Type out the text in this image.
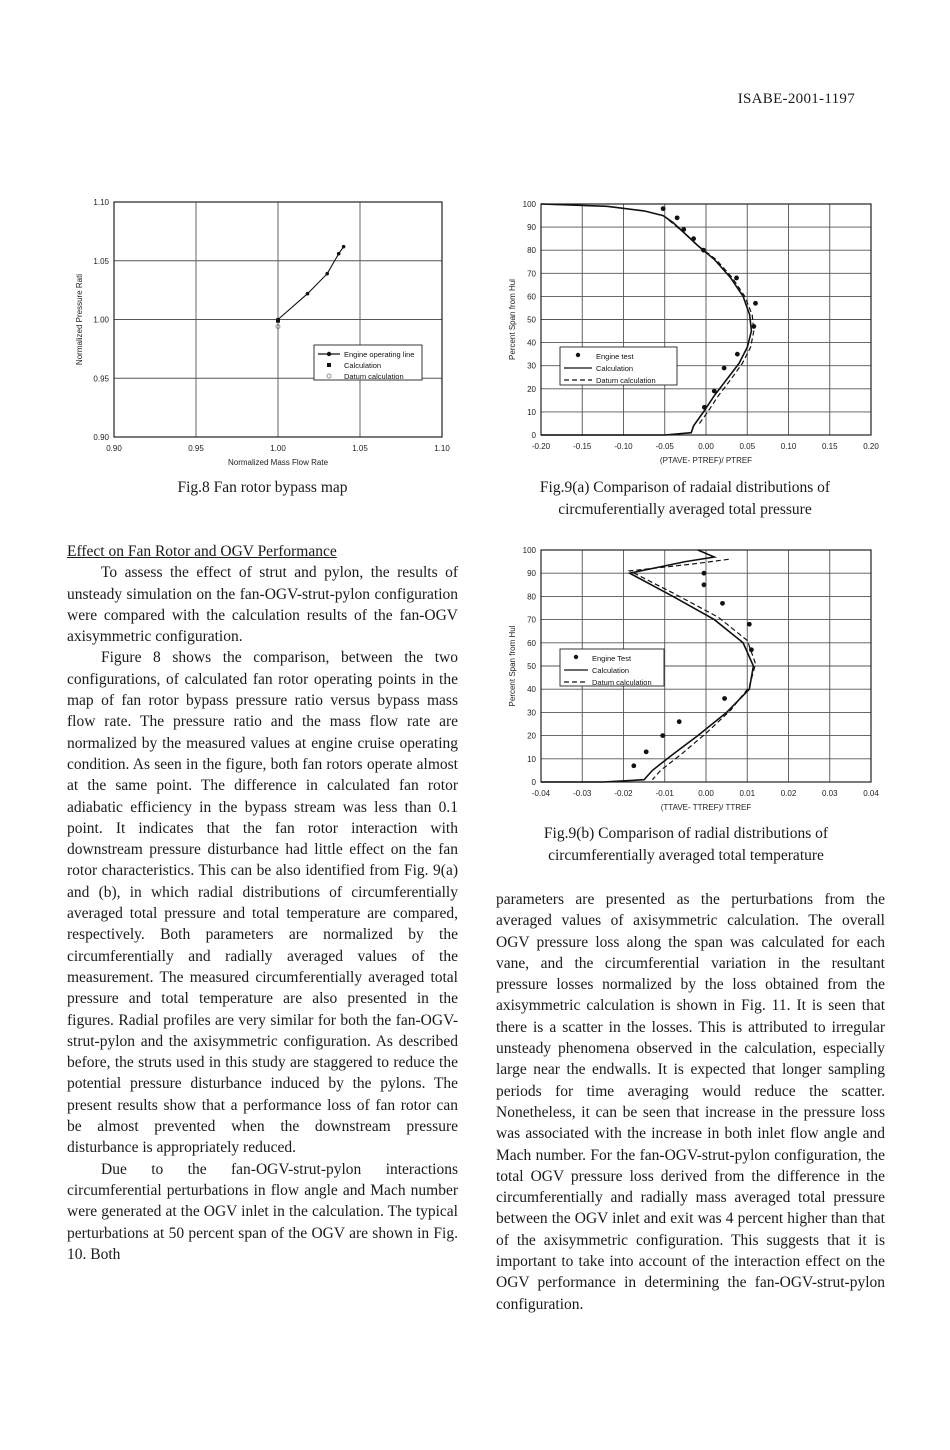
ISABE-2001-1197
0.90	0.95	1.00	1.05	1.10
0.90
0.95
1.00
1.05
1.10
Normalized Mass Flow Rate
Normalized Pressure Rati	Engine operating line
Calculation
Datum calculation
Fig.8 Fan rotor bypass map
-0.20	-0.15	-0.10	-0.05	0.00	0.05	0.10	0.15	0.20
0
10
20
30
40
50
60
70
80
90
100
(PTAVE- PTREF)/ PTREF
Percent Span from Hul	Engine test
Calculation
Datum calculation
Fig.9(a) Comparison of radaial distributions of circmuferentially averaged total pressure
-0.04	-0.03	-0.02	-0.01	0.00	0.01	0.02	0.03	0.04
0
10
20
30
40
50
60
70
80
90
100
(TTAVE- TTREF)/ TTREF
Percent Span from Hul	Engine Test
Calculation
Datum calculation
Fig.9(b) Comparison of radial distributions of circumferentially averaged total temperature

Effect on Fan Rotor and OGV Performance

To assess the effect of strut and pylon, the results of unsteady simulation on the fan-OGV-strut-pylon configuration were compared with the calculation results of the fan-OGV axisymmetric configuration.

Figure 8 shows the comparison, between the two configurations, of calculated fan rotor operating points in the map of fan rotor bypass pressure ratio versus bypass mass flow rate. The pressure ratio and the mass flow rate are normalized by the measured values at engine cruise operating condition. As seen in the figure, both fan rotors operate almost at the same point. The difference in calculated fan rotor adiabatic efficiency in the bypass stream was less than 0.1 point. It indicates that the fan rotor interaction with downstream pressure disturbance had little effect on the fan rotor characteristics. This can be also identified from Fig. 9(a) and (b), in which radial distributions of circumferentially averaged total pressure and total temperature are compared, respectively. Both parameters are normalized by the circumferentially and radially averaged values of the measurement. The measured circumferentially averaged total pressure and total temperature are also presented in the figures. Radial profiles are very similar for both the fan-OGV-strut-pylon and the axisymmetric configuration. As described before, the struts used in this study are staggered to reduce the potential pressure disturbance induced by the pylons. The present results show that a performance loss of fan rotor can be almost prevented when the downstream pressure disturbance is appropriately reduced.

Due to the fan-OGV-strut-pylon interactions circumferential perturbations in flow angle and Mach number were generated at the OGV inlet in the calculation. The typical perturbations at 50 percent span of the OGV are shown in Fig. 10. Both

parameters are presented as the perturbations from the averaged values of axisymmetric calculation. The overall OGV pressure loss along the span was calculated for each vane, and the circumferential variation in the resultant pressure losses normalized by the loss obtained from the axisymmetric calculation is shown in Fig. 11. It is seen that there is a scatter in the losses. This is attributed to irregular unsteady phenomena observed in the calculation, especially large near the endwalls. It is expected that longer sampling periods for time averaging would reduce the scatter. Nonetheless, it can be seen that increase in the pressure loss was associated with the increase in both inlet flow angle and Mach number. For the fan-OGV-strut-pylon configuration, the total OGV pressure loss derived from the difference in the circumferentially and radially mass averaged total pressure between the OGV inlet and exit was 4 percent higher than that of the axisymmetric configuration. This suggests that it is important to take into account of the interaction effect on the OGV performance in determining the fan-OGV-strut-pylon configuration.
